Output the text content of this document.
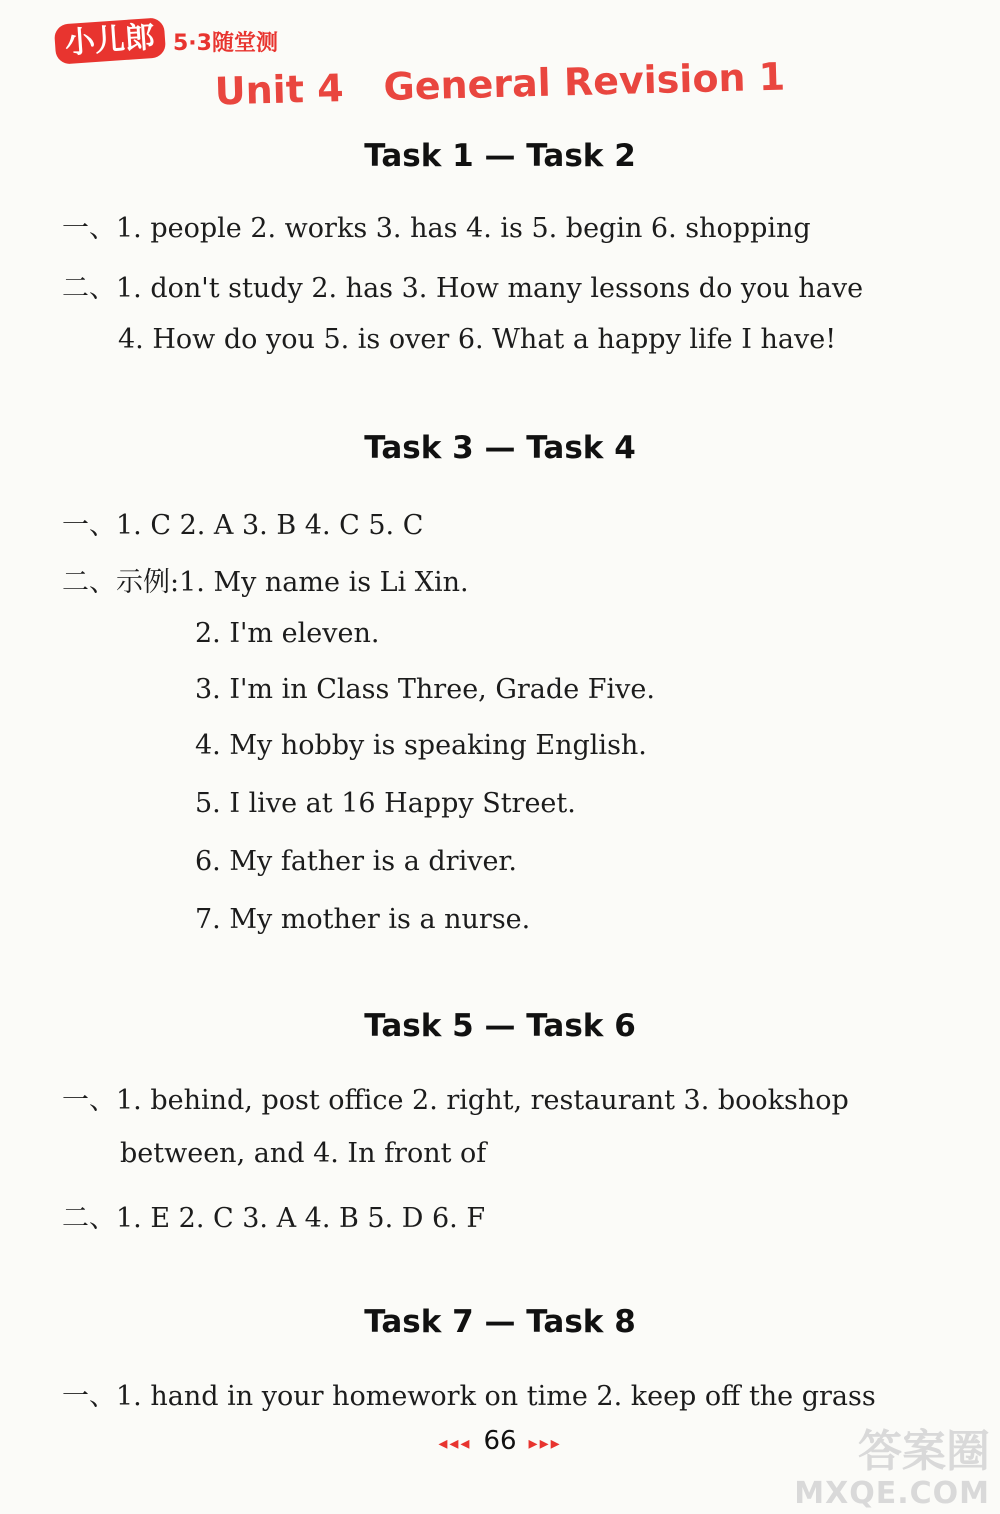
小儿郎 5·3随堂测
Unit 4 General Revision 1
Task 1 — Task 2

一、1. people 2. works 3. has 4. is 5. begin 6. shopping

二、1. don't study 2. has 3. How many lessons do you have

4. How do you 5. is over 6. What a happy life I have!

Task 3 — Task 4

一、1. C 2. A 3. B 4. C 5. C

二、示例:1. My name is Li Xin.

2. I'm eleven.

3. I'm in Class Three, Grade Five.

4. My hobby is speaking English.

5. I live at 16 Happy Street.

6. My father is a driver.

7. My mother is a nurse.

Task 5 — Task 6

一、1. behind, post office 2. right, restaurant 3. bookshop

between, and 4. In front of

二、1. E 2. C 3. A 4. B 5. D 6. F

Task 7 — Task 8

一、1. hand in your homework on time 2. keep off the grass

◂◂◂ 66 ▸▸▸	答案圈
MXQE.COM
